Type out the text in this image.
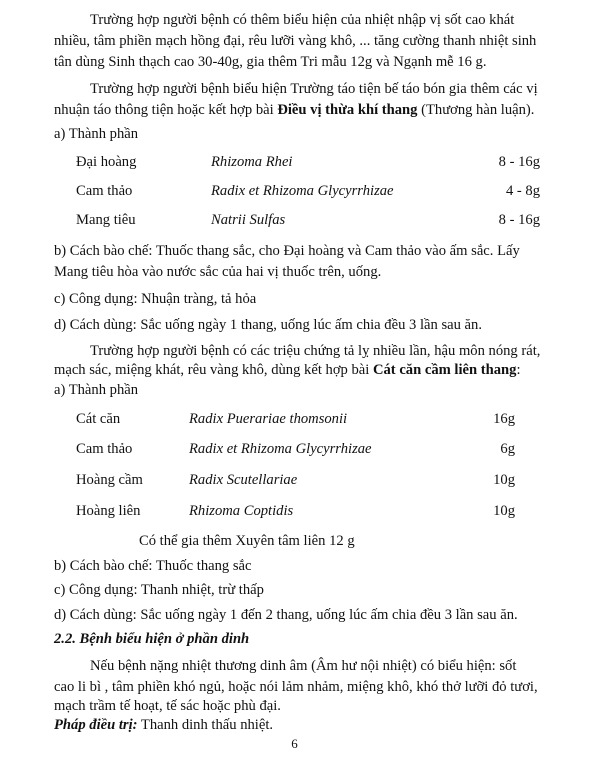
Trường hợp người bệnh có thêm biểu hiện của nhiệt nhập vị sốt cao khát
nhiều, tâm phiền mạch hồng đại, rêu lưỡi vàng khô, ... tăng cường thanh nhiệt sinh
tân dùng Sinh thạch cao 30-40g, gia thêm Tri mẫu 12g và Ngạnh mễ 16 g.
Trường hợp người bệnh biểu hiện Trường táo tiện bế táo bón gia thêm các vị
nhuận táo thông tiện hoặc kết hợp bài Điều vị thừa khí thang (Thương hàn luận).
a) Thành phần
Đại hoàng	Rhizoma Rhei	8 - 16g
Cam thảo	Radix et Rhizoma Glycyrrhizae	4 - 8g
Mang tiêu	Natrii Sulfas	8 - 16g
b) Cách bào chế: Thuốc thang sắc, cho Đại hoàng và Cam thảo vào ấm sắc. Lấy
Mang tiêu hòa vào nước sắc của hai vị thuốc trên, uống.
c) Công dụng: Nhuận tràng, tả hỏa
d) Cách dùng: Sắc uống ngày 1 thang, uống lúc ấm chia đều 3 lần sau ăn.
Trường hợp người bệnh có các triệu chứng tả lỵ nhiều lần, hậu môn nóng rát,
mạch sác, miệng khát, rêu vàng khô, dùng kết hợp bài Cát căn cầm liên thang:
a) Thành phần
Cát căn	Radix Puerariae thomsonii	16g
Cam thảo	Radix et Rhizoma Glycyrrhizae	6g
Hoàng cầm	Radix Scutellariae	10g
Hoàng liên	Rhizoma Coptidis	10g
Có thể gia thêm Xuyên tâm liên 12 g
b) Cách bào chế: Thuốc thang sắc
c) Công dụng: Thanh nhiệt, trừ thấp
d) Cách dùng: Sắc uống ngày 1 đến 2 thang, uống lúc ấm chia đều 3 lần sau ăn.
2.2. Bệnh biểu hiện ở phần dinh
Nếu bệnh nặng nhiệt thương dinh âm (Âm hư nội nhiệt) có biểu hiện: sốt
cao li bì , tâm phiền khó ngủ, hoặc nói lảm nhảm, miệng khô, khó thở lưỡi đỏ tươi,
mạch trầm tế hoạt, tế sác hoặc phù đại.
Pháp điều trị: Thanh dinh thấu nhiệt.
6
